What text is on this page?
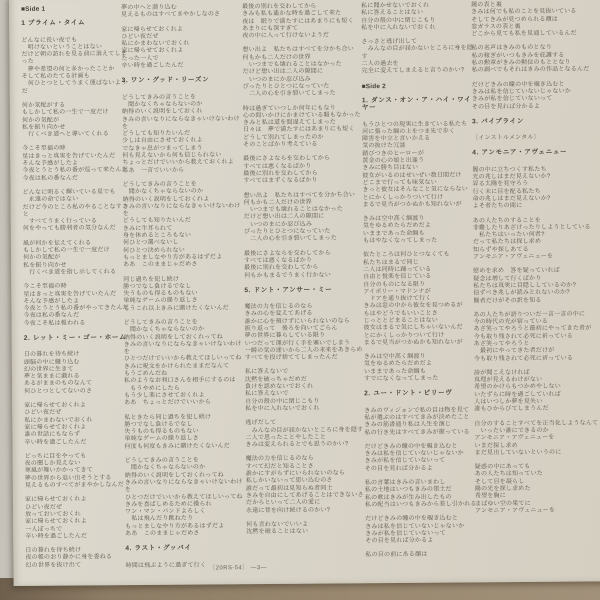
■Side 1
1 プライム・タイム
どんなに長い夜でも
　明けないということはない
だけど朝の訪れを見る前に消えてしまった
　夢や希望の何と多かったことか
そして私のたてる計画も
　何ひとつとしてうまく運ばないようだ
何か気配がする
もしかして私の一生で一度だけ
何かの気配が
私を振り向かせ
　行くべき道へと導いてくれる
今こそ至福の時
星はきっと真実を告げていたんだ
そんな予感がしたよ
今夜とうとう私の番が巡って来たんだ
今夜は私の番なんだ
どんなに明るく輝いている星でも
　永遠の命ではない
だけど今のところ私のやることなすこと
　すべてうまく行っている
何をやっても勝利者の気分なんだ
風が何かを伝えてくれる
もしかして私の一生で一度だけ
何かの気配が
私を振り向かせ
　行くべき道を指し示してくれる
今こそ至福の時
星はきっと真実を告げていたんだ
そんな予感がしたよ
今夜とうとう私の番がやってきたんだ
今夜は私の番なんだ
今夜こそ私は報われる
2. レット・ミー・ゴー・ホーム
日の暮れを待ち続け
頭脳の中に織り込む
幻の世界に生きて
夢と気ままに戯れる
あるがままのものなんて
何ひとつとしてないのさ
家に帰らせておくれよ
ひどい夜だぜ
私にかまわないでおくれ
家に帰らせておくれよ
誰の世話にもならず
辛い時を過ごしたんだ
どっちに目をやっても
夜の闇しか見えない
寒風が舞いかかってきて
夢の世界から追い出そうとする
見えるものすべてがまやかしなんだ
家に帰らせておくれよ
ひどい夜だぜ
放っておいておくれ
家に帰らせておくれよ
一人ぼっちで
辛い時を過ごしたんだ
日の暮れを待ち続け
夜の帳のおり静かに身を委ねる
幻の世界を抜け出て
夢の中へと潜り込む
見えるものはすべてまやかしなのさ
家に帰らせておくれよ
ひどい夜だぜ
私にかまわないでおくれ
家に帰らせておくれよ
たった一人で
辛い時を過ごしたんだ
3. ワン・グッド・リーズン
どうしてきみの言うことを
　聞かなくちゃならないのか
納得のいく説明をしておくれ
きみの言いなりにならなきゃいけないわけを
どうしても知りたいんだ
少しは自由にさせておくれよ
でなきゃ息がつまってしまう
何も見えないから何も信じられない
ちょっとだけでいいから教えておくれよ
ああ　一言でいいから
どうしてきみの言うことを
　聞かなくちゃならないのか
納得のいく説明をしておくれよ
きみの言いなりにならなきゃいけないわけを
どうしても知りたいんだ
きみに牛耳られて
身を休めるところもない
何ひとつ選べないし
何ひとつ決められない
もっとましなやり方があるはずだよ
ああ　このままじゃだめさ
同じ過ちを犯し続け
勝つでなし負けるでなし
失うものも得るものもない
単純なゲームの繰り返しさ
もうこれ以上きみに賭けたくないんだ
どうしてきみの言うことを
　聞かなくちゃならないのか
納得のいく説明をしておくれってね
きみの言いなりにならなきゃいけないわけを
ひとつだけでいいから教えてほしいってね
きみに呪文をかけられたままだなんて
もうごめんだね
私のようなお利口さんを相手にするのは
　もうやめにしたら
もう少し楽にさせておくれよ
ああ　ちょっとだけでいいから
私ときたら同じ過ちを犯し続け
勝つでなし負けるでなし
失うものも得るものもない
単純なゲームの繰り返しさ
何度も何度もきみに賭けたくないんだ
どうしてきみの言うことを
　聞かなくちゃならないのか
納得のいく説明をしておくれってね
きみの言いなりにならなきゃいけないわけを
ひとつだけでいいから教えてほしいってね
きみを喜ばしめるために操られ
ワン・マン・バンドよろしく
　私は飛んだり跳ねたり
もっとましなやり方があるはずだよ
ああ　このままじゃだめさ
4. ラスト・グッバイ
時間は飛ぶように過ぎて行く
最後の別れを交わしてから
きみも私も遙かな時を過ごして来た
夜は　眠りで満たすにはあまりにも短く
あまりにも深すぎて
夜の中に入って行けないようだ
想い出よ　私たちはすべてを分かち合い
何もかも二人だけの世界
　いつまでも壊れることはなかった
だけど想い出は二人の隙間に
　いつのまにか忍び込み
ぴったりとひとつになっていた
　二人の心を引き裂いてしまった
時は過ぎていつしか何年にもなり
心の問いかけにかまけている暇もなかった
きみと私は道を間違えてしまった
日々は　夢で満たすにはあまりにも短く
どうして別れてしまったのか
そのことばかり考えている
最後にさよならを交わしてから
すべては悪くなるばかり
最後に別れを交わしてから
すべてはまずくなるばかり
想い出よ　私たちはすべてを分かち合い
何もかも二人だけの世界
　いつまでも壊れることはなかった
だけど想い出は二人の隙間に
　いつのまにか忍び込み
ぴったりとひとつになっていた
　二人の心を引き裂いてしまった
最後にさよならを交わしてから
すべては悪くなるばかり
最後に別れを交わしてから
何もかもまるでうまく行かない
5. ドント・アンサー・ミー
魔法の力を信じるのなら
きみの心を変えてあげる
誰かに心を預けずにいられないのなら
振り返って　後ろを向いてごらん
夢の世界に暮らしている限り
いつだって運が行く手を塞いでしまう
一瞬の気の迷いから二人の未来をあきらめ
すべてを投げ捨ててしまったんだ
私に答えないで
沈黙を破っちゃだめだ
負けを認めないでおくれ
私に答えないで
自分の殻の中に閉じこもり
私を中に入れないでおくれ
逃げだして
　みんなの目が届かないところに身を隠す
二人で思ったことやしたこと
きみは変えられるとでも思うのかい?
魔法の力を信じるのなら
すべて幻だと知ることさ
誰かにすがらずにいられないのなら
私しかいないって思い込むのさ
誰だって最初は見知らぬ者同士
きみを自由にしてあげることはできないさ
だからといって二人の愛に
永遠に背を向け続けるのかい?
何も言わないでいいよ
沈黙を破ることはない
私に聞かせないでおくれ
私に答えることはない
自分の殻の中に閉じこもり
私を中に入れないでおくれ
さっさと逃げ出して
　みんなの目が届かないところに身を隠す
二人の過去を
完全に変えてしまえると言うのかい?
■Side 2
1. ダンス・オン・ア・ハイ・ワイヤー
もうひとつの現実に生きている私たち
河に張った綱の上をつま先で歩く
障害を中立と言いかえる
気の抜けた冗談
錆びつきのヒーローが
黄金の心の娘と出逢う
きみに勝ち目はない
彼女がいるのはせいぜい数日間だけ
どこまで行っても味気ない
きっと彼女はそんなこと気にならない
とにかくしっかりついて行け
まるで見当がつかぬかも知れないが
きみは空中高く綱渡り
気をゆるめたらだめだよ
いままであった命綱も
もはやなくなってしまった
似たところは何ひとつなくても
私たちはまるで同じ
二人は同時に踊っている
自由と悦楽を信じている
自分のものになる限り
アイボリー・マドンナが
　ドアを通り抜けて行く
きみは窓の中から彼女を見つめるが
もはやどうでもいいことさ
じっととどまることはない
彼女はまるで気にしちゃいないんだ
とにかくしっかりついて行け
まるで見当がつかぬかも知れないが
きみは空中高く綱渡り
気をゆるめたらだめだよ
いままであった命綱も
すでになくなってしまった
2. ユー・ドント・ビリーヴ
きみのヴィジョンで私の目は物を見て
私が選ぶのはすべてきみが決めたこと
きみの筋書通り私は人生を演じ
私の行き先はすべてきみが握っている
だけどきみの瞳の中を覗き込むと
きみは私を信じていないじゃないか
きみが私を信じていないって
その目を見れば分かるよ
私の言葉はきみの言いまわし
私の土地はいつもきみの領土だ
私の歌はきみが生み出したもの
私の配当はいつもきみから差し引かれる
だけどきみの瞳の中を覗き込むと
きみは私を信じていないじゃないか
きみが私を信じていないって
その目を見れば分かるよ
私の目の前にある顔は
鏡の表と裏
きみは何でも私のことを見抜いている
そしてきみが見つめられる顔は
窓ガラスの表と裏
どこから見ても私を見通しているんだ
私の名声はきみのものとなり
私の稼ぎがいつもきみを庇護する
私の勲章がきみの勲位のもととなり
私の調べでもそれはきみの作品となるんだ
だけどきみの瞳の中を覗き込むと
きみは私を信じていないじゃないか
きみが私を信じていないって
その目を見れば分かるよ
3. パイプライン
〔インストルメンタル〕
4. アンモニア・アヴェニュー
闇の中に立ちつくす私たち
光の兆しはまだ見えないか?
昇る太陽を見守ろう
行く末に目を配る私たち
命の兆しはまだ見えないか?
よそ者たちの間に
あの人たちのすることを
非難したりあざけったりしようとしている
　私たちはいったい何者?
だって私たちは探し求め
知らずや探しあてる
アンモニア・アヴェニューを
慰めを求め　答を疑っていれば
疑念は増して行くばかり
私たちは真実に目隠ししているのか?
信ずべき兆しが読みとれないのか?
賢者だけがその訳を知る
あの人たちが語りついだ一言一言の中に
今の時代の光が宿っている
あざ笑ってやろうと最初にやってきた者が
今も取り残されて必死に祈っている
あざ笑ってやろうと
　最初にやってきた者だけが
今も取り残されて必死に祈っている
詩が聞こえなければ
真理が見えるわけがない
希望のかけらもつかめやしない
いたずらに時を過ごしていれば
人はいつしか夢を見失い
誰もひからびてしまうんだ
自分のすることすべてを正当化しようなんて
　いったい誰にできるのか
アンモニア・アヴェニューを
いまだ探し求め
まだ見出していないというのに
疑惑の中にあっても
あの人たちは知っていた
そして目を凝らし
陽の光を探し求めた
希望を胸に
まばゆい空の果てに
アンモニア・アヴェニューを
〔20RS-54〕 ―3―
